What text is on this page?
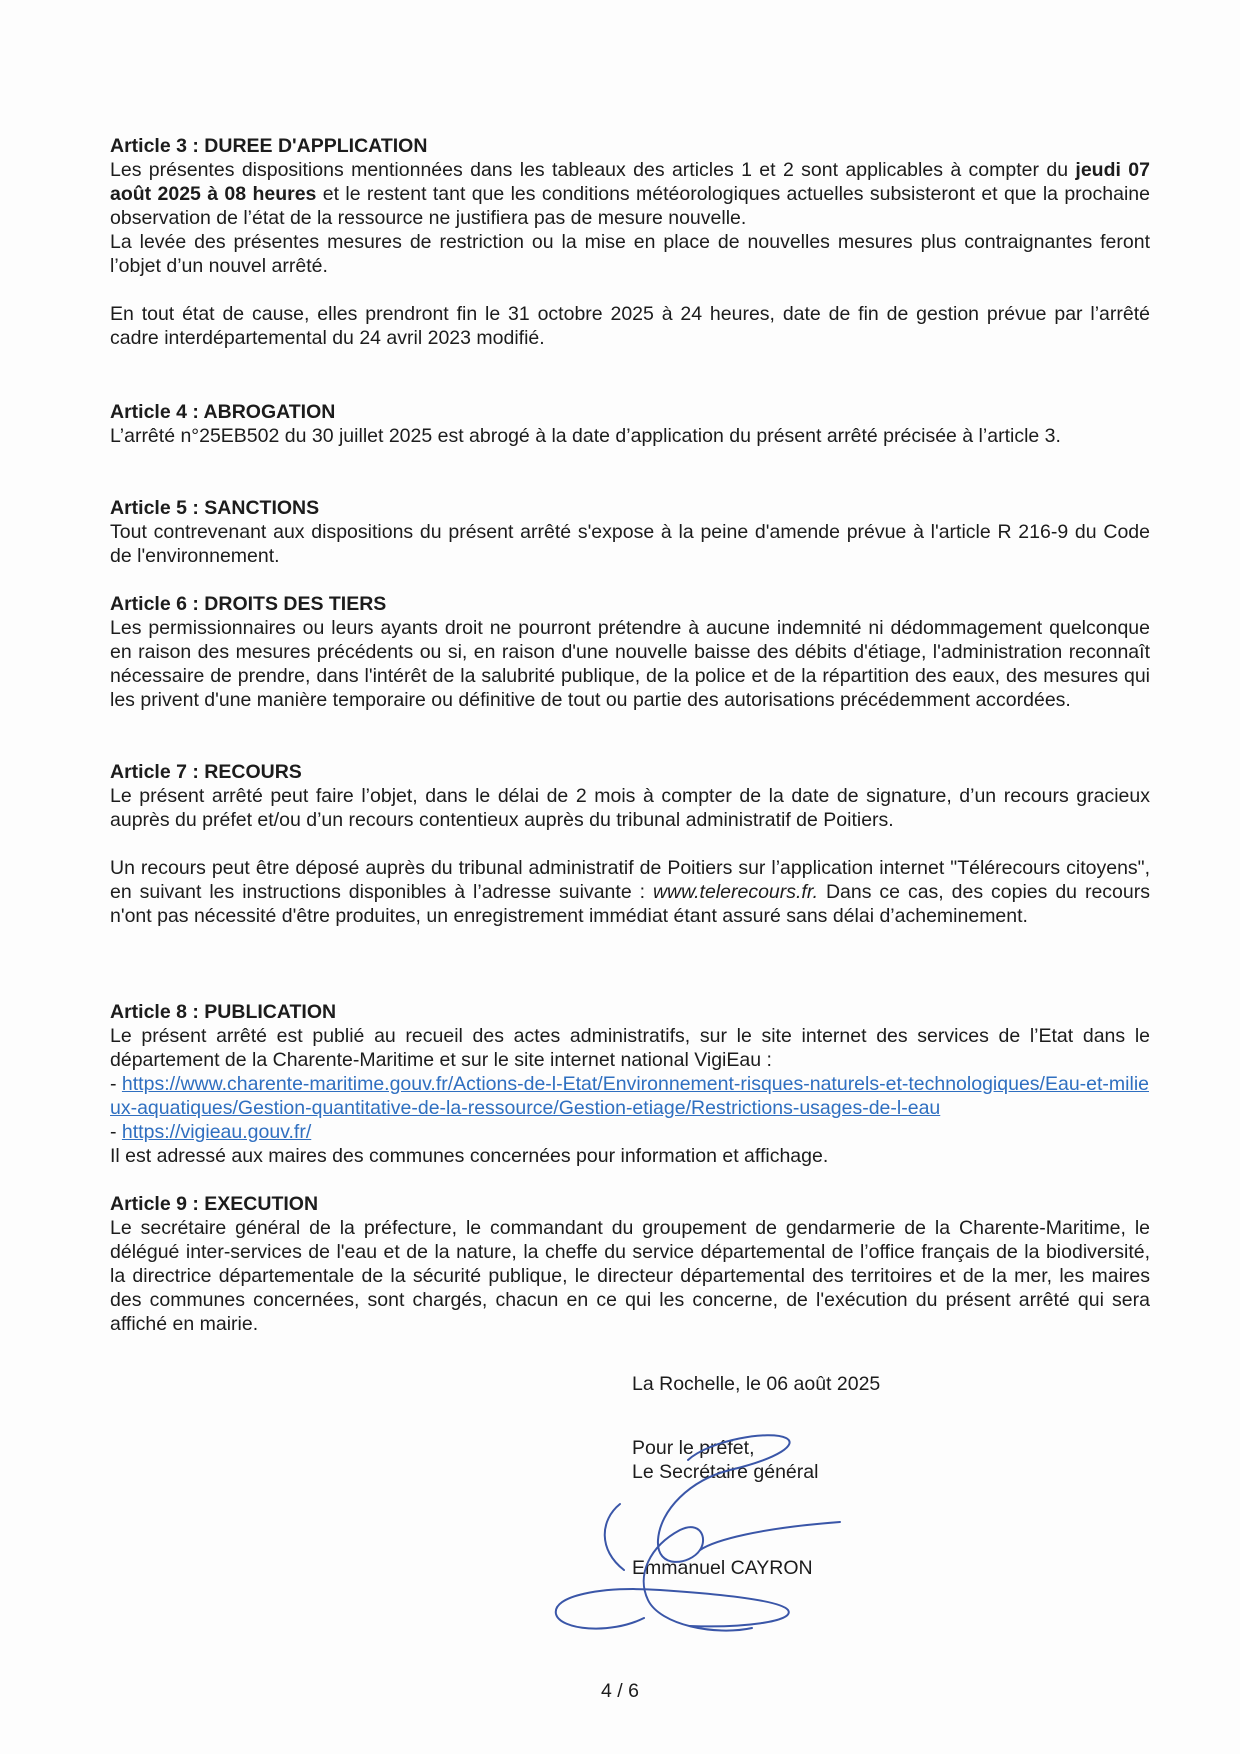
Article 3 : DUREE D'APPLICATION

Les présentes dispositions mentionnées dans les tableaux des articles 1 et 2 sont applicables à compter du jeudi 07 août 2025 à 08 heures et le restent tant que les conditions météorologiques actuelles subsisteront et que la prochaine observation de l’état de la ressource ne justifiera pas de mesure nouvelle.

La levée des présentes mesures de restriction ou la mise en place de nouvelles mesures plus contraignantes feront l’objet d’un nouvel arrêté.

En tout état de cause, elles prendront fin le 31 octobre 2025 à 24 heures, date de fin de gestion prévue par l’arrêté cadre interdépartemental du 24 avril 2023 modifié.

Article 4 : ABROGATION

L’arrêté n°25EB502 du 30 juillet 2025 est abrogé à la date d’application du présent arrêté précisée à l’article 3.

Article 5 : SANCTIONS

Tout contrevenant aux dispositions du présent arrêté s'expose à la peine d'amende prévue à l'article R 216-9 du Code de l'environnement.

Article 6 : DROITS DES TIERS

Les permissionnaires ou leurs ayants droit ne pourront prétendre à aucune indemnité ni dédommagement quelconque en raison des mesures précédents ou si, en raison d'une nouvelle baisse des débits d'étiage, l'administration reconnaît nécessaire de prendre, dans l'intérêt de la salubrité publique, de la police et de la répartition des eaux, des mesures qui les privent d'une manière temporaire ou définitive de tout ou partie des autorisations précédemment accordées.

Article 7 : RECOURS

Le présent arrêté peut faire l’objet, dans le délai de 2 mois à compter de la date de signature, d’un recours gracieux auprès du préfet et/ou d’un recours contentieux auprès du tribunal administratif de Poitiers.

Un recours peut être déposé auprès du tribunal administratif de Poitiers sur l’application internet "Télérecours citoyens", en suivant les instructions disponibles à l’adresse suivante : www.telerecours.fr. Dans ce cas, des copies du recours n'ont pas nécessité d'être produites, un enregistrement immédiat étant assuré sans délai d’acheminement.

Article 8 : PUBLICATION

Le présent arrêté est publié au recueil des actes administratifs, sur le site internet des services de l’Etat dans le département de la Charente-Maritime et sur le site internet national VigiEau :

- https://www.charente-maritime.gouv.fr/Actions-de-l-Etat/Environnement-risques-naturels-et-technologiques/Eau-et-milieux-aquatiques/Gestion-quantitative-de-la-ressource/Gestion-etiage/Restrictions-usages-de-l-eau

- https://vigieau.gouv.fr/

Il est adressé aux maires des communes concernées pour information et affichage.

Article 9 : EXECUTION

Le secrétaire général de la préfecture, le commandant du groupement de gendarmerie de la Charente-Maritime, le délégué inter-services de l'eau et de la nature, la cheffe du service départemental de l’office français de la biodiversité, la directrice départementale de la sécurité publique, le directeur départemental des territoires et de la mer, les maires des communes concernées, sont chargés, chacun en ce qui les concerne, de l'exécution du présent arrêté qui sera affiché en mairie.

La Rochelle, le 06 août 2025
Pour le préfet,
Le Secrétaire général
Emmanuel CAYRON
4 / 6
